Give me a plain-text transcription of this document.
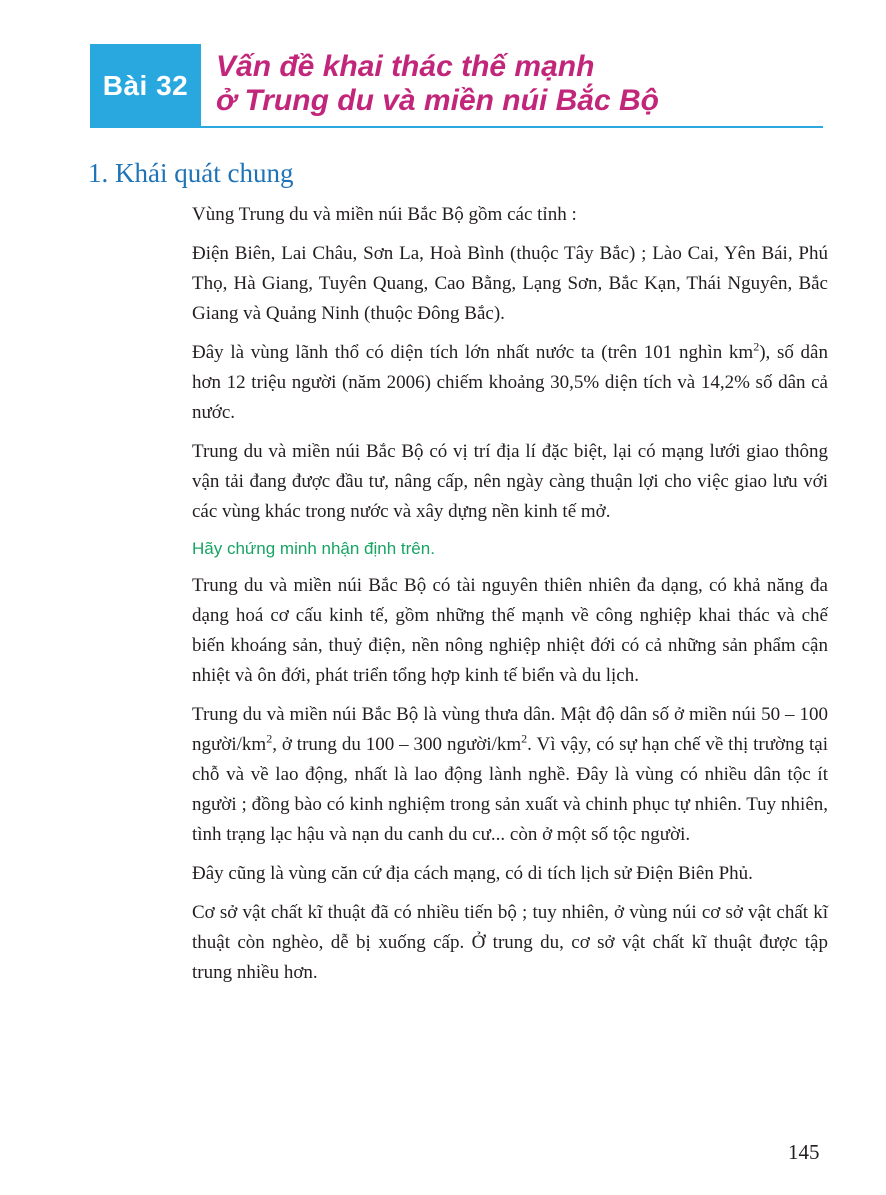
Bài 32
Vấn đề khai thác thế mạnh
ở Trung du và miền núi Bắc Bộ
1. Khái quát chung

Vùng Trung du và miền núi Bắc Bộ gồm các tỉnh :

Điện Biên, Lai Châu, Sơn La, Hoà Bình (thuộc Tây Bắc) ; Lào Cai, Yên Bái, Phú Thọ, Hà Giang, Tuyên Quang, Cao Bằng, Lạng Sơn, Bắc Kạn, Thái Nguyên, Bắc Giang và Quảng Ninh (thuộc Đông Bắc).

Đây là vùng lãnh thổ có diện tích lớn nhất nước ta (trên 101 nghìn $km^2$), số dân hơn 12 triệu người (năm 2006) chiếm khoảng 30,5% diện tích và 14,2% số dân cả nước.

Trung du và miền núi Bắc Bộ có vị trí địa lí đặc biệt, lại có mạng lưới giao thông vận tải đang được đầu tư, nâng cấp, nên ngày càng thuận lợi cho việc giao lưu với các vùng khác trong nước và xây dựng nền kinh tế mở.

Hãy chứng minh nhận định trên.

Trung du và miền núi Bắc Bộ có tài nguyên thiên nhiên đa dạng, có khả năng đa dạng hoá cơ cấu kinh tế, gồm những thế mạnh về công nghiệp khai thác và chế biến khoáng sản, thuỷ điện, nền nông nghiệp nhiệt đới có cả những sản phẩm cận nhiệt và ôn đới, phát triển tổng hợp kinh tế biển và du lịch.

Trung du và miền núi Bắc Bộ là vùng thưa dân. Mật độ dân số ở miền núi 50 – 100 người/$km^2$, ở trung du 100 – 300 người/$km^2$. Vì vậy, có sự hạn chế về thị trường tại chỗ và về lao động, nhất là lao động lành nghề. Đây là vùng có nhiều dân tộc ít người ; đồng bào có kinh nghiệm trong sản xuất và chinh phục tự nhiên. Tuy nhiên, tình trạng lạc hậu và nạn du canh du cư... còn ở một số tộc người.

Đây cũng là vùng căn cứ địa cách mạng, có di tích lịch sử Điện Biên Phủ.

Cơ sở vật chất kĩ thuật đã có nhiều tiến bộ ; tuy nhiên, ở vùng núi cơ sở vật chất kĩ thuật còn nghèo, dễ bị xuống cấp. Ở trung du, cơ sở vật chất kĩ thuật được tập trung nhiều hơn.

145
